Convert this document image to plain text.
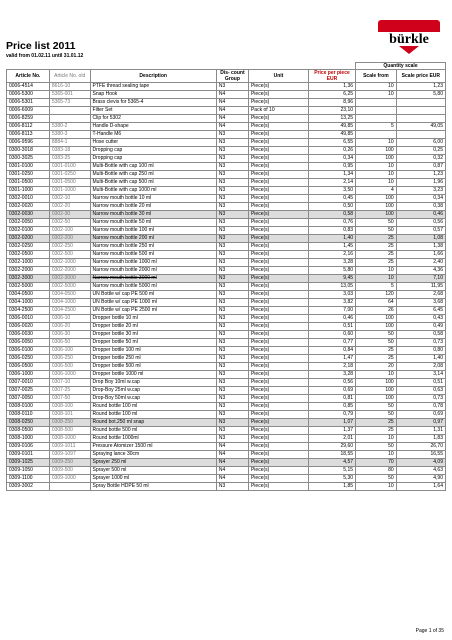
bürkle
Price list 2011
valid from 01.02.11 until 31.01.12
						Quantity scale	
Article No.	Article No. old	Description	Dis- count Group	Unit	Price per piece EUR	Scale from	Scale price EUR
0006-4514	8616-10	PTFE thread sealing tape	N3	Piece(s)	1,36	10	1,23
0006-5300	5365-001	Snap Hook	N4	Piece(s)	6,25	10	5,80
0006-5301	5365-73	Brass clevis for 5365-4	N4	Piece(s)	8,96		
0006-6009		Filter Set	N4	Pack of 10	23,10		
0006-8259		Clip for 5302	N4	Piece(s)	13,25		
0006-8112	5380-2	Handle D-shape	N4	Piece(s)	49,85	5	49,05
0006-8113	5380-3	T-Handle M6	N3	Piece(s)	49,85		
0006-9596	8884-1	Hose cutter	N3	Piece(s)	6,55	10	6,00
0300-3018	0383-18	Dropping cap	N3	Piece(s)	0,26	100	0,25
0300-3025	0383-25	Dropping cap	N3	Piece(s)	0,34	100	0,32
0301-0100	0301-0100	Multi-Bottle with cap 100 ml	N3	Piece(s)	0,95	10	0,87
0301-0250	0301-0250	Multi-Bottle with cap 250 ml	N3	Piece(s)	1,34	10	1,23
0301-0500	0301-0500	Multi-Bottle with cap 500 ml	N3	Piece(s)	2,14	10	1,96
0301-1000	0301-1000	Multi-Bottle with cap 1000 ml	N3	Piece(s)	3,50	4	3,23
0302-0010	0302-10	Narrow mouth bottle 10 ml	N3	Piece(s)	0,45	100	0,34
0302-0020	0302-20	Narrow mouth bottle 20 ml	N3	Piece(s)	0,50	100	0,38
0302-0030	0302-30	Narrow mouth bottle 30 ml	N3	Piece(s)	0,58	100	0,46
0302-0050	0302-50	Narrow mouth bottle 50 ml	N3	Piece(s)	0,76	50	0,56
0302-0100	0302-100	Narrow mouth bottle 100 ml	N3	Piece(s)	0,83	50	0,57
0302-0200	0302-200	Narrow mouth bottle 200 ml	N3	Piece(s)	1,40	25	1,08
0302-0250	0302-250	Narrow mouth bottle 250 ml	N3	Piece(s)	1,45	25	1,38
0302-0500	0302-500	Narrow mouth bottle 500 ml	N3	Piece(s)	2,16	25	1,66
0302-1000	0302-1000	Narrow mouth bottle 1000 ml	N3	Piece(s)	3,28	25	2,40
0302-2000	0302-2000	Narrow mouth bottle 2000 ml	N3	Piece(s)	5,80	10	4,36
0302-3000	0302-3000	Narrow mouth bottle 3000 ml	N3	Piece(s)	9,45	10	7,10
0302-5000	0302-5000	Narrow mouth bottle 5000 ml	N3	Piece(s)	13,05	5	11,95
0304-0500	0304-0500	UN Bottle w/ cap PE 500 ml	N3	Piece(s)	3,03	120	2,68
0304-1000	0304-1000	UN Bottle w/ cap PE 1000 ml	N3	Piece(s)	3,82	64	3,68
0304-2500	0304-2500	UN Bottle w/ cap PE 2500 ml	N3	Piece(s)	7,00	26	6,45
0306-0010	0306-10	Dropper bottle 10 ml	N3	Piece(s)	0,46	100	0,43
0306-0020	0306-20	Dropper bottle 20 ml	N3	Piece(s)	0,51	100	0,49
0306-0030	0306-30	Dropper bottle 30 ml	N3	Piece(s)	0,60	50	0,58
0306-0050	0306-50	Dropper bottle 50 ml	N3	Piece(s)	0,77	50	0,73
0306-0100	0306-100	Dropper bottle 100 ml	N3	Piece(s)	0,84	25	0,80
0306-0250	0306-250	Dropper bottle 250 ml	N3	Piece(s)	1,47	25	1,40
0306-0500	0306-500	Dropper bottle 500 ml	N3	Piece(s)	2,18	20	2,08
0306-1000	0306-1000	Dropper bottle 1000 ml	N3	Piece(s)	3,28	10	3,14
0307-0010	0307-10	Drop Boy 10ml w.cap	N3	Piece(s)	0,56	100	0,51
0307-0025	0307-25	Drop-Boy 25ml w.cap	N3	Piece(s)	0,69	100	0,63
0307-0050	0307-50	Drop-Boy 50ml w.cap	N3	Piece(s)	0,81	100	0,73
0308-0100	0308-100	Round bottle 100 ml	N3	Piece(s)	0,85	50	0,78
0308-0110	0308-101	Round bottle 100 ml	N3	Piece(s)	0,79	50	0,69
0308-0250	0308-250	Round bot.250 ml snap	N3	Piece(s)	1,07	25	0,97
0308-0500	0308-500	Round bottle 500 ml	N3	Piece(s)	1,37	25	1,31
0308-1000	0308-1000	Round bottle 1000ml	N3	Piece(s)	2,01	10	1,83
0309-0106	0309-1011	Pressure Atomizer 1500 ml	N4	Piece(s)	29,60	50	26,70
0309-0101	0309-1097	Spraying lance 30cm	N4	Piece(s)	18,55	10	16,55
0309-1025	0309-250	Sprayer 250 ml	N4	Piece(s)	4,57	70	4,09
0309-1050	0309-500	Sprayer 500 ml	N4	Piece(s)	5,15	80	4,63
0309-1100	0309-1000	Sprayer 1000 ml	N4	Piece(s)	5,30	50	4,90
0309-3002		Spray Bottle HDPE 50 ml	N3	Piece(s)	1,85	10	1,64
Page 1 of 35
